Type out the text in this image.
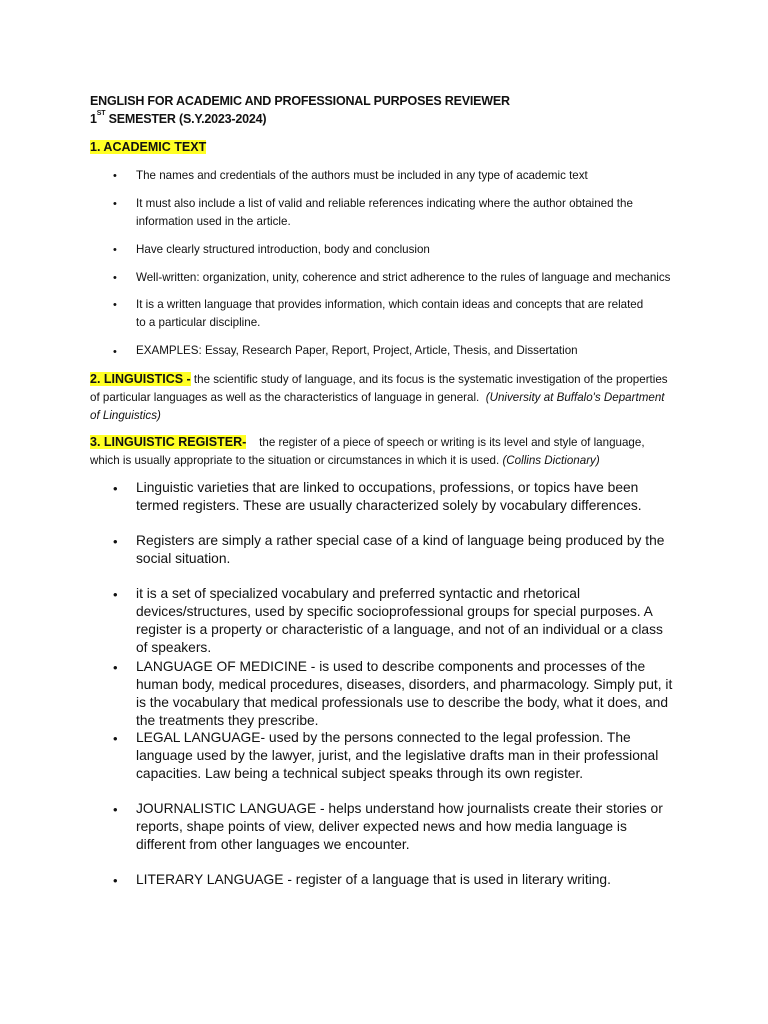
ENGLISH FOR ACADEMIC AND PROFESSIONAL PURPOSES REVIEWER
1ST SEMESTER (S.Y.2023-2024)
1. ACADEMIC TEXT
• The names and credentials of the authors must be included in any type of academic text
• It must also include a list of valid and reliable references indicating where the author obtained the information used in the article.
• Have clearly structured introduction, body and conclusion
• Well-written: organization, unity, coherence and strict adherence to the rules of language and mechanics
• It is a written language that provides information, which contain ideas and concepts that are related to a particular discipline.
• EXAMPLES: Essay, Research Paper, Report, Project, Article, Thesis, and Dissertation
2. LINGUISTICS - the scientific study of language, and its focus is the systematic investigation of the properties of particular languages as well as the characteristics of language in general. (University at Buffalo's Department of Linguistics)
3. LINGUISTIC REGISTER- the register of a piece of speech or writing is its level and style of language, which is usually appropriate to the situation or circumstances in which it is used. (Collins Dictionary)
• Linguistic varieties that are linked to occupations, professions, or topics have been termed registers. These are usually characterized solely by vocabulary differences.
• Registers are simply a rather special case of a kind of language being produced by the social situation.
• it is a set of specialized vocabulary and preferred syntactic and rhetorical devices/structures, used by specific socioprofessional groups for special purposes. A register is a property or characteristic of a language, and not of an individual or a class of speakers.
• LANGUAGE OF MEDICINE - is used to describe components and processes of the human body, medical procedures, diseases, disorders, and pharmacology. Simply put, it is the vocabulary that medical professionals use to describe the body, what it does, and the treatments they prescribe.
• LEGAL LANGUAGE- used by the persons connected to the legal profession. The language used by the lawyer, jurist, and the legislative drafts man in their professional capacities. Law being a technical subject speaks through its own register.
• JOURNALISTIC LANGUAGE - helps understand how journalists create their stories or reports, shape points of view, deliver expected news and how media language is different from other languages we encounter.
• LITERARY LANGUAGE - register of a language that is used in literary writing.
